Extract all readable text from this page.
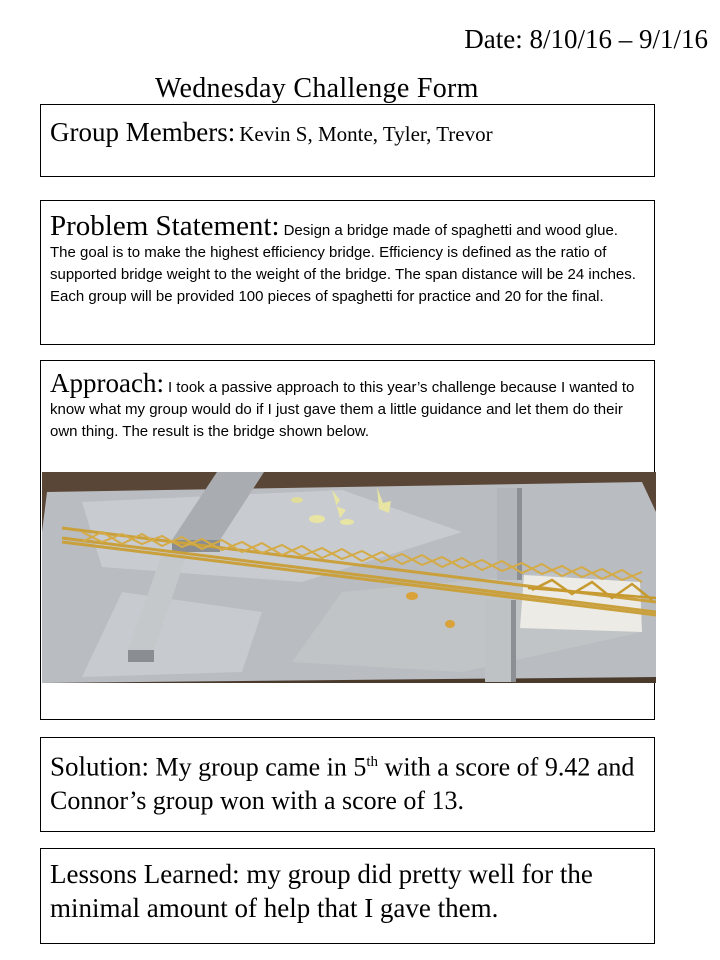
Date: 8/10/16 – 9/1/16
Wednesday Challenge Form
Group Members: Kevin S, Monte, Tyler, Trevor
Problem Statement: Design a bridge made of spaghetti and wood glue. The goal is to make the highest efficiency bridge. Efficiency is defined as the ratio of supported bridge weight to the weight of the bridge. The span distance will be 24 inches. Each group will be provided 100 pieces of spaghetti for practice and 20 for the final.
Approach: I took a passive approach to this year’s challenge because I wanted to know what my group would do if I just gave them a little guidance and let them do their own thing. The result is the bridge shown below.

Solution: My group came in 5th with a score of 9.42 and Connor’s group won with a score of 13.

Lessons Learned: my group did pretty well for the minimal amount of help that I gave them.
